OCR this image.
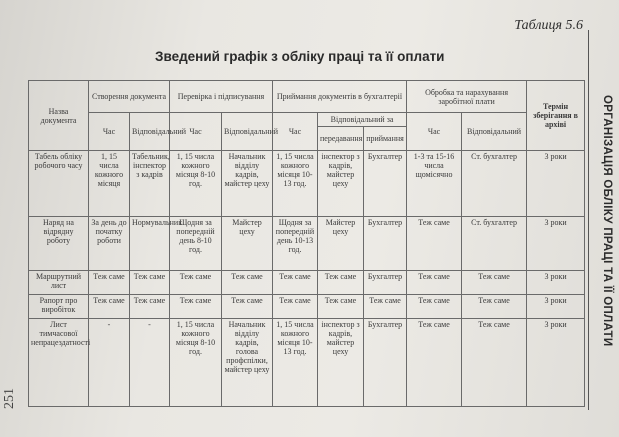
Таблиця 5.6
Зведений графік з обліку праці та її оплати
ОРГАНІЗАЦІЯ ОБЛІКУ ПРАЦІ ТА ЇЇ ОПЛАТИ
251
Назва документа	Створення документа		Перевірка і підписування		Приймання документів в бухгалтерії			Обробка та нарахування заробітної плати		Термін зберігання в архіві
	Час	Відповідальний	Час	Відповідальний	Час	Відповідальний за		Час	Відповідальний	
						передавання	приймання			
Табель обліку робочого часу	1, 15 числа кожного місяця	Табельник, інспектор з кадрів	1, 15 числа кожного місяця 8-10 год.	Начальник відділу кадрів, майстер цеху	1, 15 числа кожного місяця 10-13 год.	інспектор з кадрів, майстер цеху	Бухгалтер	1-3 та 15-16 числа щомісячно	Ст. бухгалтер	3 роки
Наряд на відрядну роботу	За день до початку роботи	Нормувальник	Щодня за попередній день 8-10 год.	Майстер цеху	Щодня за попередній день 10-13 год.	Майстер цеху	Бухгалтер	Теж саме	Ст. бухгалтер	3 роки
Маршрутний лист	Теж саме	Теж саме	Теж саме	Теж саме	Теж саме	Теж саме	Бухгалтер	Теж саме	Теж саме	3 роки
Рапорт про виробіток	Теж саме	Теж саме	Теж саме	Теж саме	Теж саме	Теж саме	Теж саме	Теж саме	Теж саме	3 роки
Лист тимчасової непрацездатності	-	-	1, 15 числа кожного місяця 8-10 год.	Начальник відділу кадрів, голова профспілки, майстер цеху	1, 15 числа кожного місяця 10-13 год.	інспектор з кадрів, майстер цеху	Бухгалтер	Теж саме	Теж саме	3 роки
